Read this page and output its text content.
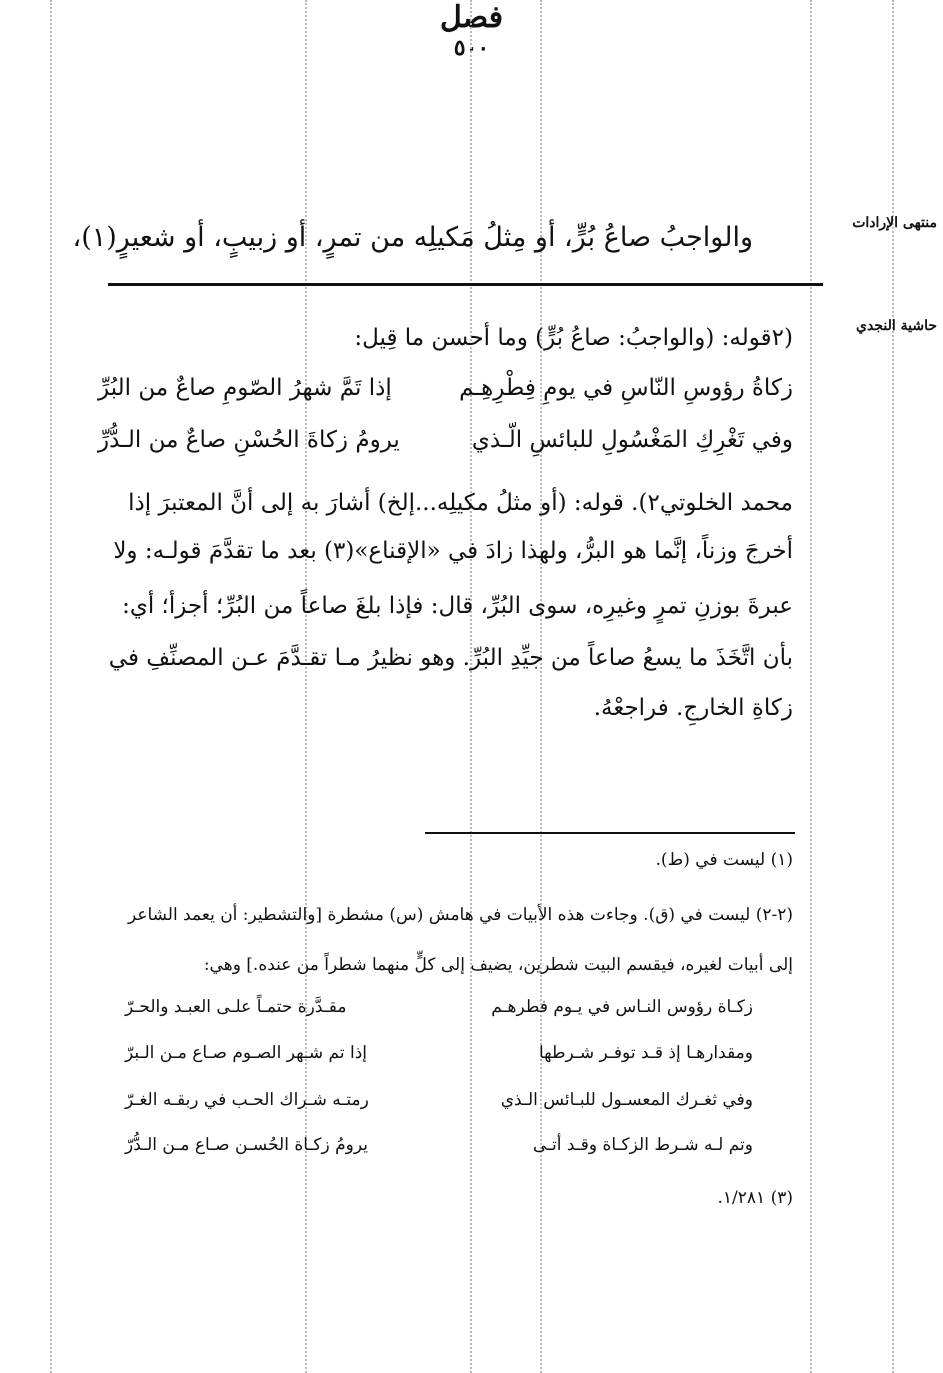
منتهى الإرادات
حاشية النجدي
فصل
والواجبُ صاعُ بُرٍّ، أو مِثلُ مَكيلِه من تمرٍ، أو زبيبٍ، أو شعيرٍ(١)،
(٢قوله: (والواجبُ: صاعُ بُرٍّ) وما أحسن ما قِيل:
زكاةُ رؤوسِ النّاسِ في يومِ فِطْرِهِـم
إذا تَمَّ شهرُ الصّومِ صاعٌ من البُرِّ
وفي تَغْرِكِ المَغْسُولِ للبائسِ الّـذي
يرومُ زكاةَ الحُسْنِ صاعٌ من الـدُّرِّ
محمد الخلوتي٢). قوله: (أو مثلُ مكيلِه...إلخ) أشارَ به إلى أنَّ المعتبرَ إذا
أخرجَ وزناً، إنَّما هو البرُّ، ولهذا زادَ في «الإقناع»(٣) بعد ما تقدَّمَ قولـه: ولا
عبرةَ بوزنِ تمرٍ وغيرِه، سوى البُرِّ، قال: فإذا بلغَ صاعاً من البُرِّ؛ أجزأ؛ أي:
بأن اتَّخَذَ ما يسعُ صاعاً من جيِّدِ البُرِّ. وهو نظيرُ مـا تقـدَّمَ عـن المصنِّفِ في
زكاةِ الخارجِ. فراجعْهُ.
(١) ليست في (ط).
(٢-٢) ليست في (ق). وجاءت هذه الأبيات في هامش (س) مشطرة [والتشطير: أن يعمد الشاعر
إلى أبيات لغيره، فيقسم البيت شطرين، يضيف إلى كلٍّ منهما شطراً من عنده.] وهي:
زكـاة رؤوس النـاس في يـوم فطرهـم
مقـدَّرة حتمـاً علـى العبـد والحـرّ
ومقدارهـا إذ قـد توفـر شـرطها
إذا تم شـهر الصـوم صـاع مـن الـبرّ
وفي ثغـرك المعسـول للبـائس الـذي
رمتـه شـراك الحـب في ربقـه الغـرّ
وتم لـه شـرط الزكـاة وقـد أتـى
يرومُ زكـاة الحُسـن صـاع مـن الـدُّرّ
(٣) ١/٢٨١.
٥٠٠
